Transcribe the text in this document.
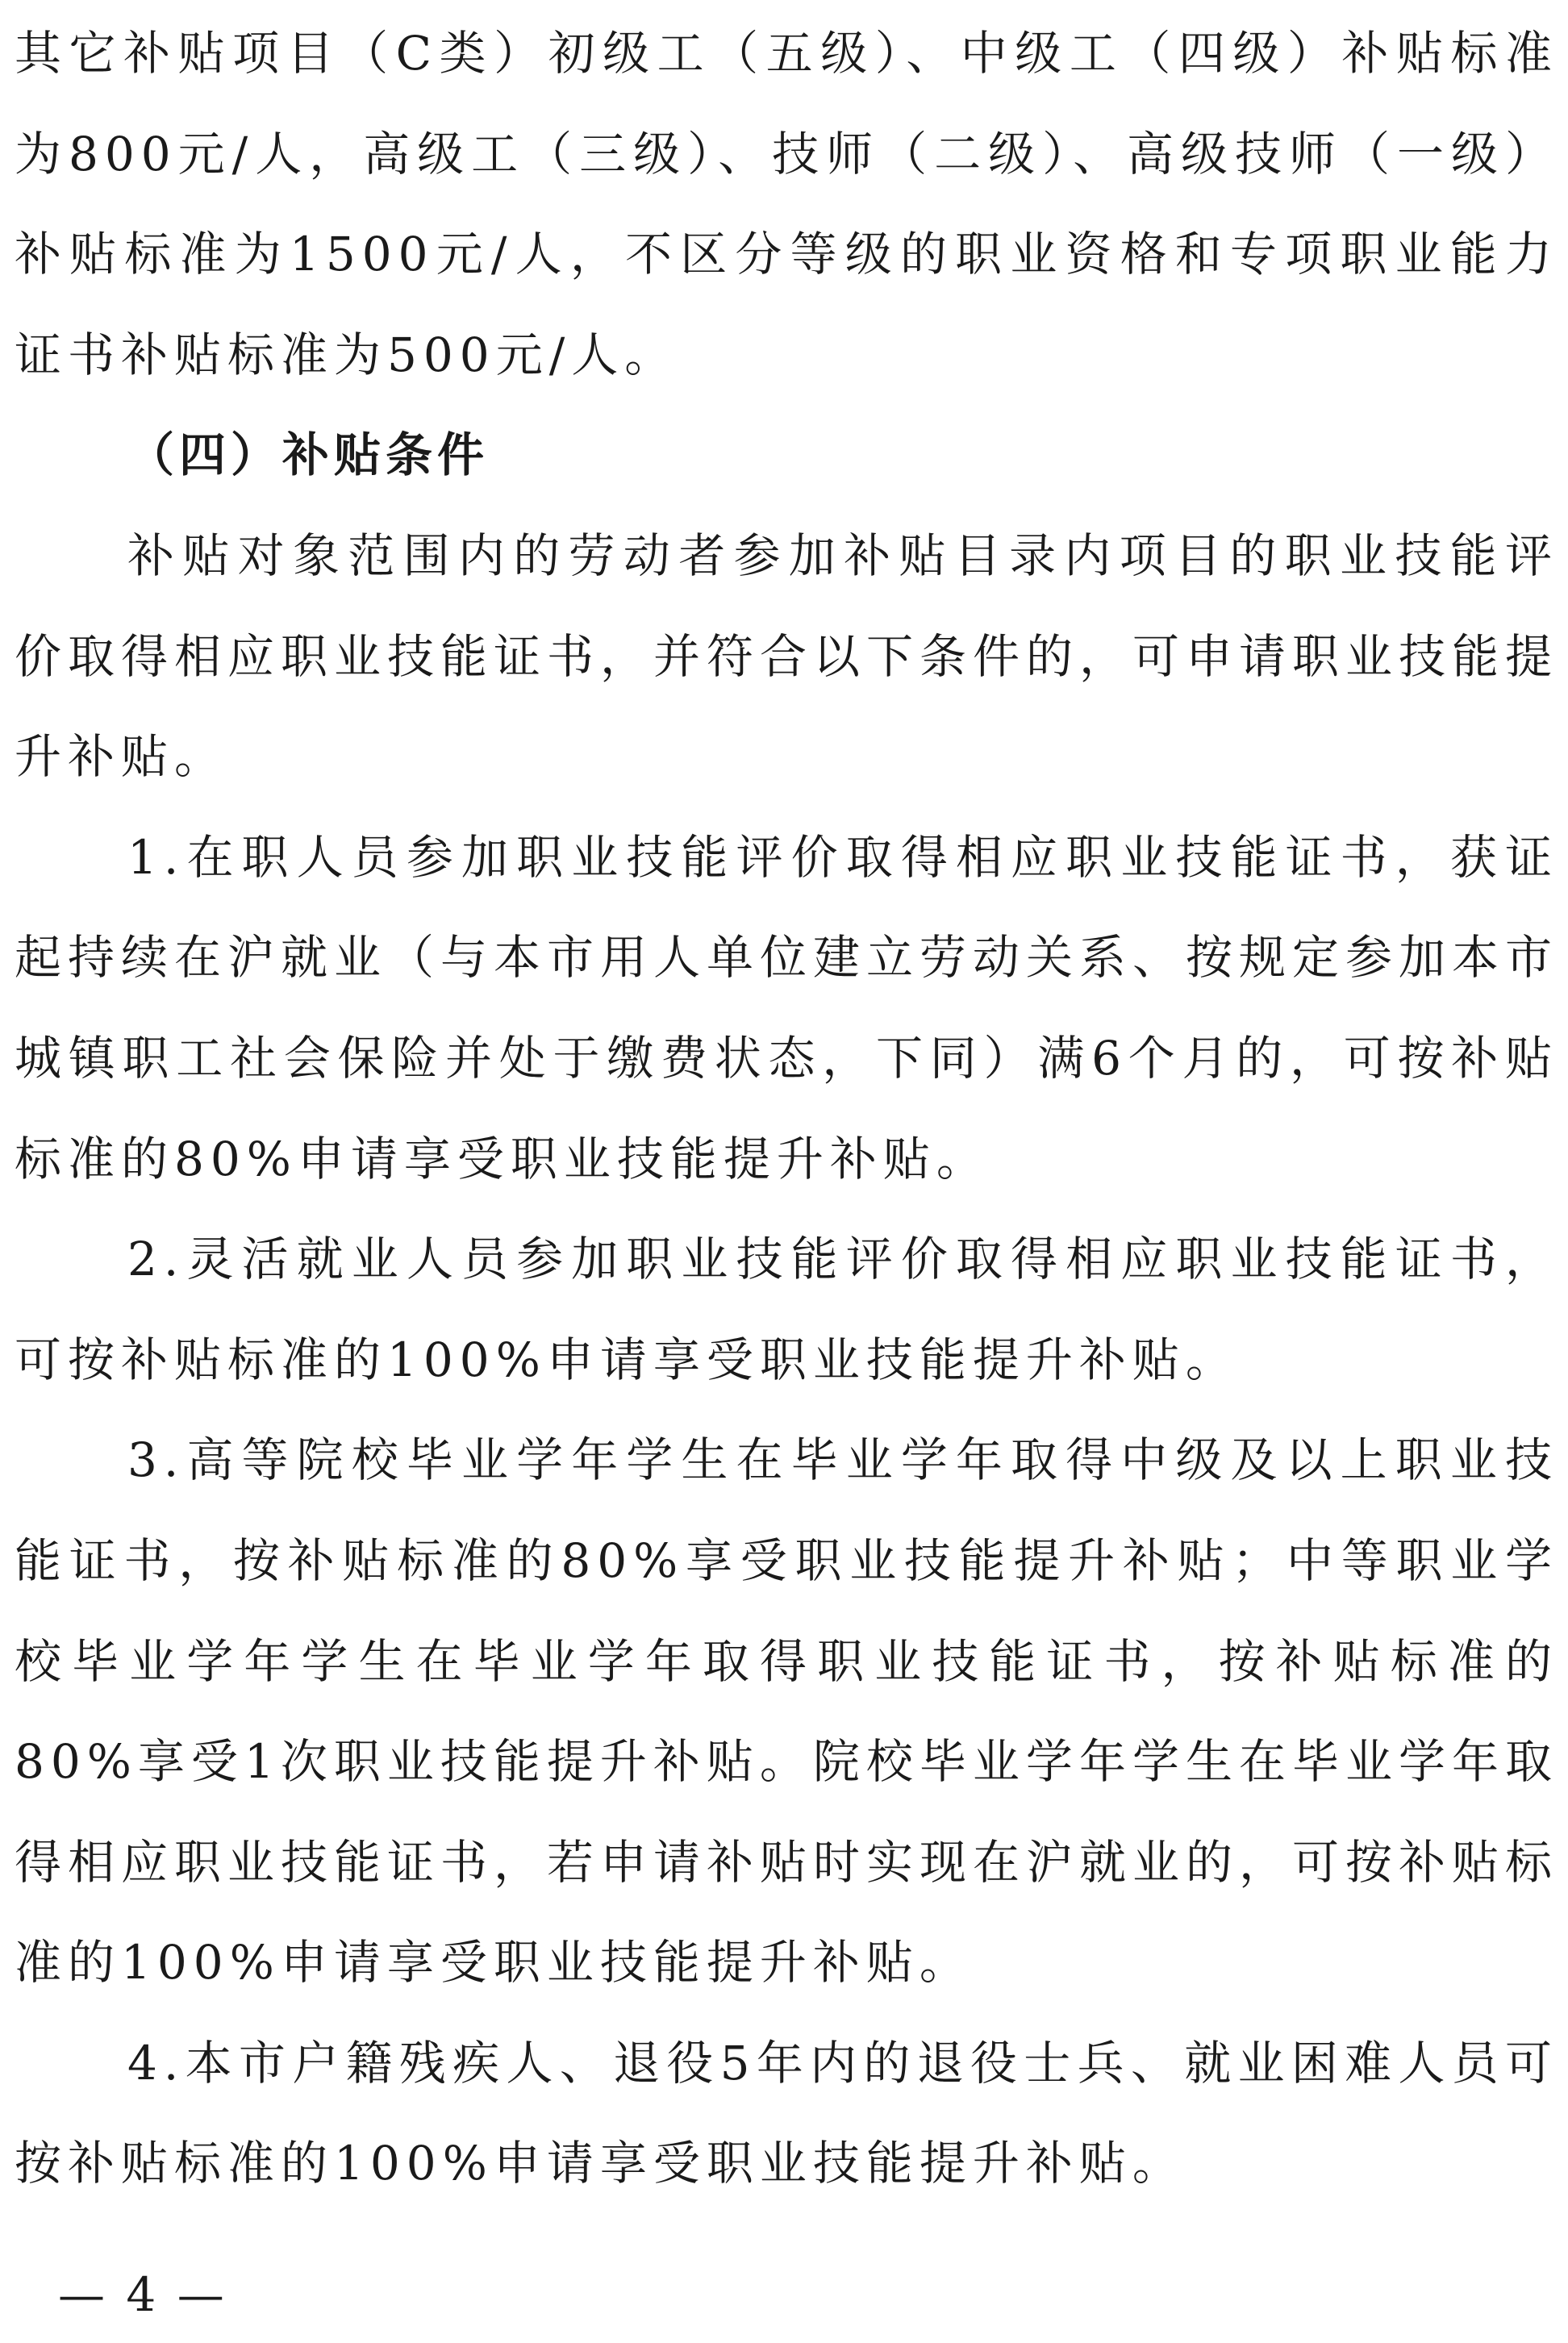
其它补贴项目（C类）初级工（五级）、中级工（四级）补贴标准为800元/人，高级工（三级）、技师（二级）、高级技师（一级）补贴标准为1500元/人，不区分等级的职业资格和专项职业能力证书补贴标准为500元/人。

（四）补贴条件

补贴对象范围内的劳动者参加补贴目录内项目的职业技能评价取得相应职业技能证书，并符合以下条件的，可申请职业技能提升补贴。

1.在职人员参加职业技能评价取得相应职业技能证书，获证起持续在沪就业（与本市用人单位建立劳动关系、按规定参加本市城镇职工社会保险并处于缴费状态，下同）满6个月的，可按补贴标准的80%申请享受职业技能提升补贴。

2.灵活就业人员参加职业技能评价取得相应职业技能证书，可按补贴标准的100%申请享受职业技能提升补贴。

3.高等院校毕业学年学生在毕业学年取得中级及以上职业技能证书，按补贴标准的80%享受职业技能提升补贴；中等职业学校毕业学年学生在毕业学年取得职业技能证书，按补贴标准的80%享受1次职业技能提升补贴。院校毕业学年学生在毕业学年取得相应职业技能证书，若申请补贴时实现在沪就业的，可按补贴标准的100%申请享受职业技能提升补贴。

4.本市户籍残疾人、退役5年内的退役士兵、就业困难人员可按补贴标准的100%申请享受职业技能提升补贴。

— 4 —
